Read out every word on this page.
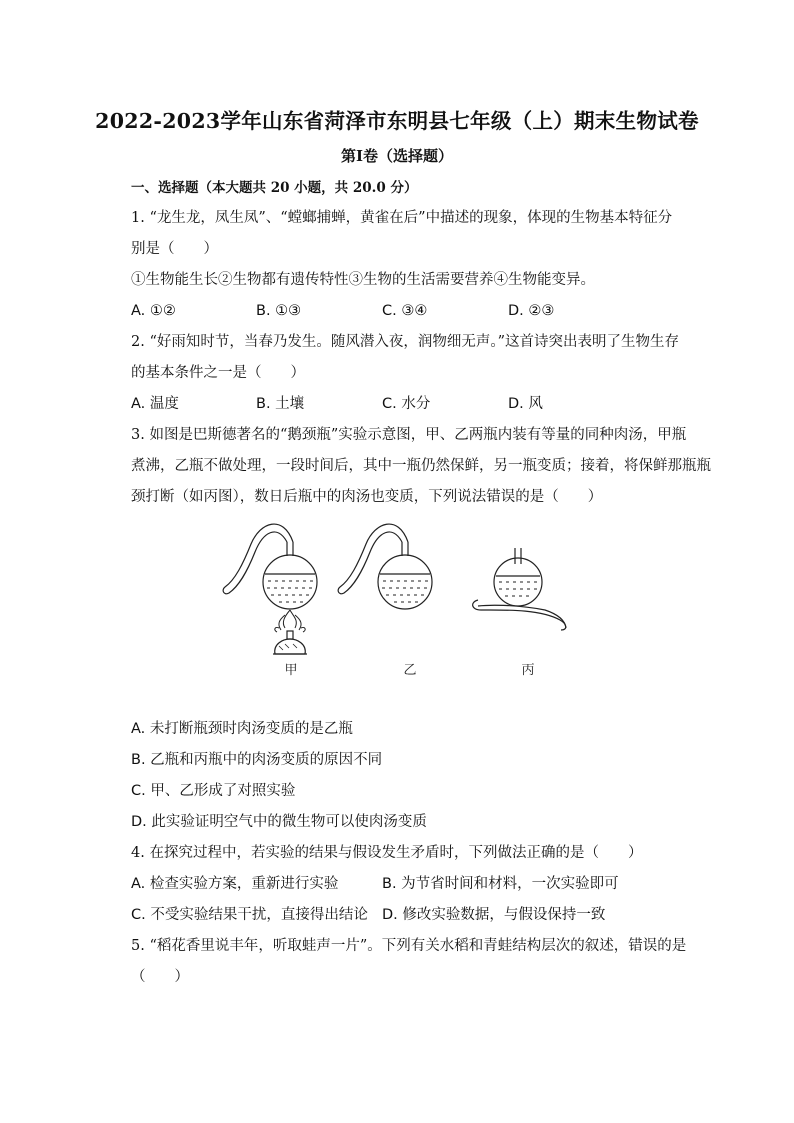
2022-2023学年山东省菏泽市东明县七年级（上）期末生物试卷
第Ⅰ卷（选择题）
一、选择题（本大题共 20 小题，共 20.0 分）
1. “龙生龙，凤生凤”、“螳螂捕蝉，黄雀在后”中描述的现象，体现的生物基本特征分
别是（　　）
①生物能生长②生物都有遗传特性③生物的生活需要营养④生物能变异。
A. ①②	B. ①③	C. ③④	D. ②③
2. “好雨知时节，当春乃发生。随风潜入夜，润物细无声。”这首诗突出表明了生物生存
的基本条件之一是（　　）
A. 温度	B. 土壤	C. 水分	D. 风
3. 如图是巴斯德著名的“鹅颈瓶”实验示意图，甲、乙两瓶内装有等量的同种肉汤，甲瓶
煮沸，乙瓶不做处理，一段时间后，其中一瓶仍然保鲜，另一瓶变质；接着，将保鲜那瓶瓶
颈打断（如丙图），数日后瓶中的肉汤也变质，下列说法错误的是（　　）
甲	乙	丙
A. 未打断瓶颈时肉汤变质的是乙瓶
B. 乙瓶和丙瓶中的肉汤变质的原因不同
C. 甲、乙形成了对照实验
D. 此实验证明空气中的微生物可以使肉汤变质
4. 在探究过程中，若实验的结果与假设发生矛盾时，下列做法正确的是（　　）
A. 检查实验方案，重新进行实验	B. 为节省时间和材料，一次实验即可
C. 不受实验结果干扰，直接得出结论 D. 修改实验数据，与假设保持一致
5. “稻花香里说丰年，听取蛙声一片”。下列有关水稻和青蛙结构层次的叙述，错误的是
（　　）
